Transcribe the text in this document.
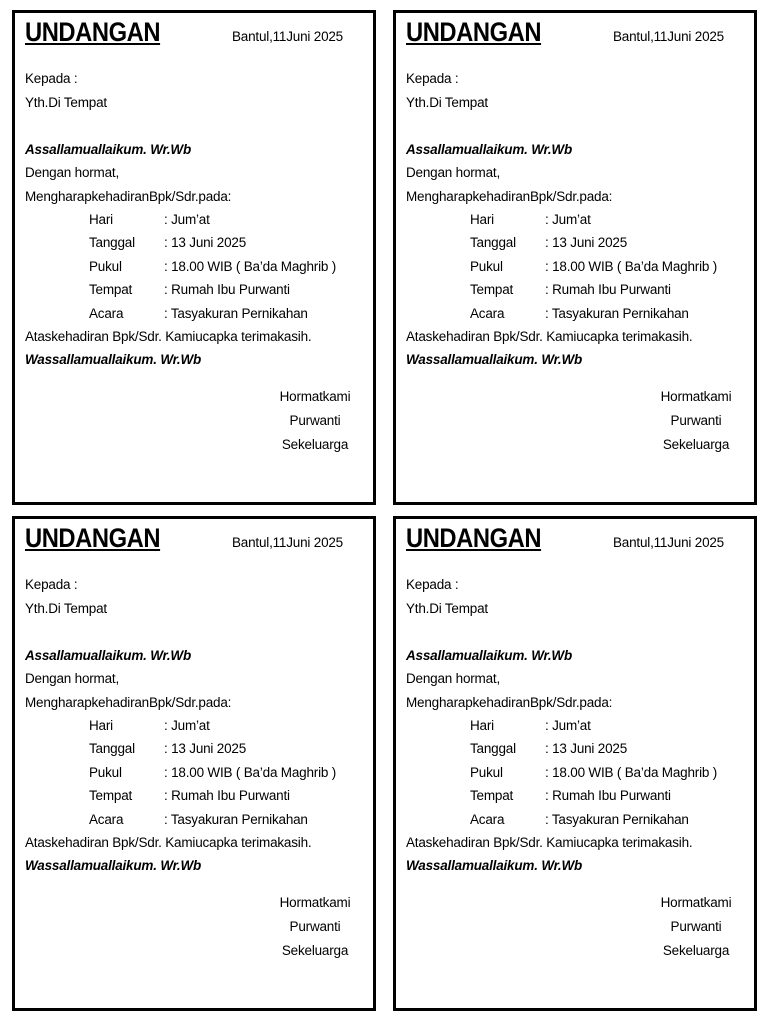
UNDANGAN	Bantul,11Juni 2025
Kepada :
Yth.Di Tempat
Assallamuallaikum. Wr.Wb
Dengan hormat,
MengharapkehadiranBpk/Sdr.pada:
Hari	: Jum’at
Tanggal : 13 Juni 2025
Pukul	: 18.00 WIB ( Ba’da Maghrib )
Tempat : Rumah Ibu Purwanti
Acara	: Tasyakuran Pernikahan
Ataskehadiran Bpk/Sdr. Kamiucapka terimakasih.
Wassallamuallaikum. Wr.Wb
Hormatkami
Purwanti
Sekeluarga
UNDANGAN	Bantul,11Juni 2025
Kepada :
Yth.Di Tempat
Assallamuallaikum. Wr.Wb
Dengan hormat,
MengharapkehadiranBpk/Sdr.pada:
Hari	: Jum’at
Tanggal : 13 Juni 2025
Pukul	: 18.00 WIB ( Ba’da Maghrib )
Tempat : Rumah Ibu Purwanti
Acara	: Tasyakuran Pernikahan
Ataskehadiran Bpk/Sdr. Kamiucapka terimakasih.
Wassallamuallaikum. Wr.Wb
Hormatkami
Purwanti
Sekeluarga
UNDANGAN	Bantul,11Juni 2025
Kepada :
Yth.Di Tempat
Assallamuallaikum. Wr.Wb
Dengan hormat,
MengharapkehadiranBpk/Sdr.pada:
Hari	: Jum’at
Tanggal : 13 Juni 2025
Pukul	: 18.00 WIB ( Ba’da Maghrib )
Tempat : Rumah Ibu Purwanti
Acara	: Tasyakuran Pernikahan
Ataskehadiran Bpk/Sdr. Kamiucapka terimakasih.
Wassallamuallaikum. Wr.Wb
Hormatkami
Purwanti
Sekeluarga
UNDANGAN	Bantul,11Juni 2025
Kepada :
Yth.Di Tempat
Assallamuallaikum. Wr.Wb
Dengan hormat,
MengharapkehadiranBpk/Sdr.pada:
Hari	: Jum’at
Tanggal : 13 Juni 2025
Pukul	: 18.00 WIB ( Ba’da Maghrib )
Tempat : Rumah Ibu Purwanti
Acara	: Tasyakuran Pernikahan
Ataskehadiran Bpk/Sdr. Kamiucapka terimakasih.
Wassallamuallaikum. Wr.Wb
Hormatkami
Purwanti
Sekeluarga
